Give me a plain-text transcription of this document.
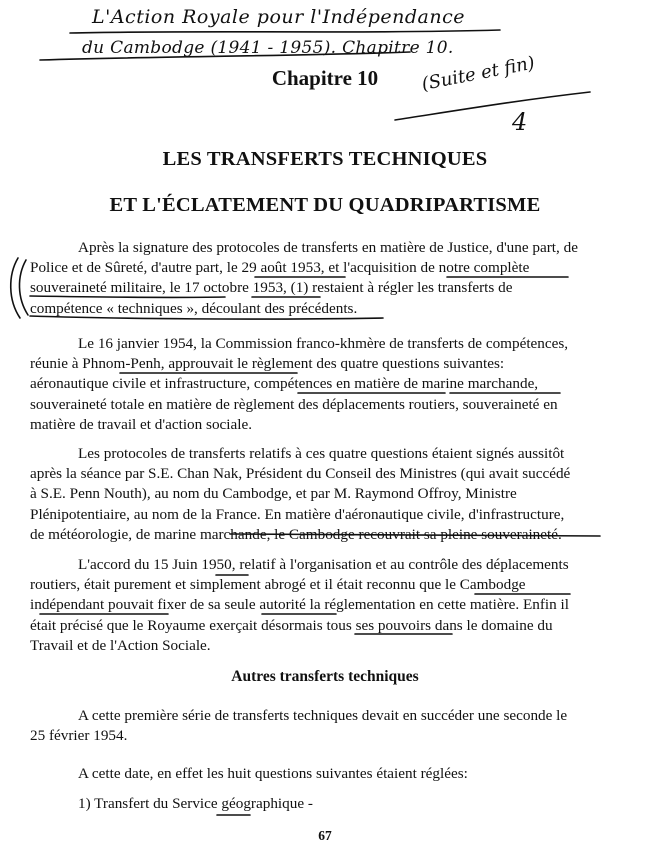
L'Action Royale pour l'Indépendance
du Cambodge (1941 - 1955). Chapitre 10.
(Suite et fin)
4
Chapitre 10
LES TRANSFERTS TECHNIQUES
ET L'ÉCLATEMENT DU QUADRIPARTISME
Après la signature des protocoles de transferts en matière de Justice, d'une part, de
Police et de Sûreté, d'autre part, le 29 août 1953, et l'acquisition de notre complète
souveraineté militaire, le 17 octobre 1953, (1) restaient à régler les transferts de
compétence « techniques », découlant des précédents.
Le 16 janvier 1954, la Commission franco-khmère de transferts de compétences,
réunie à Phnom-Penh, approuvait le règlement des quatre questions suivantes:
aéronautique civile et infrastructure, compétences en matière de marine marchande,
souveraineté totale en matière de règlement des déplacements routiers, souveraineté en
matière de travail et d'action sociale.
Les protocoles de transferts relatifs à ces quatre questions étaient signés aussitôt
après la séance par S.E. Chan Nak, Président du Conseil des Ministres (qui avait succédé
à S.E. Penn Nouth), au nom du Cambodge, et par M. Raymond Offroy, Ministre
Plénipotentiaire, au nom de la France. En matière d'aéronautique civile, d'infrastructure,
de météorologie, de marine marchande, le Cambodge recouvrait sa pleine souveraineté.
L'accord du 15 Juin 1950, relatif à l'organisation et au contrôle des déplacements
routiers, était purement et simplement abrogé et il était reconnu que le Cambodge
indépendant pouvait fixer de sa seule autorité la réglementation en cette matière. Enfin il
était précisé que le Royaume exerçait désormais tous ses pouvoirs dans le domaine du
Travail et de l'Action Sociale.
Autres transferts techniques
A cette première série de transferts techniques devait en succéder une seconde le
25 février 1954.
A cette date, en effet les huit questions suivantes étaient réglées:
1) Transfert du Service géographique -
67
